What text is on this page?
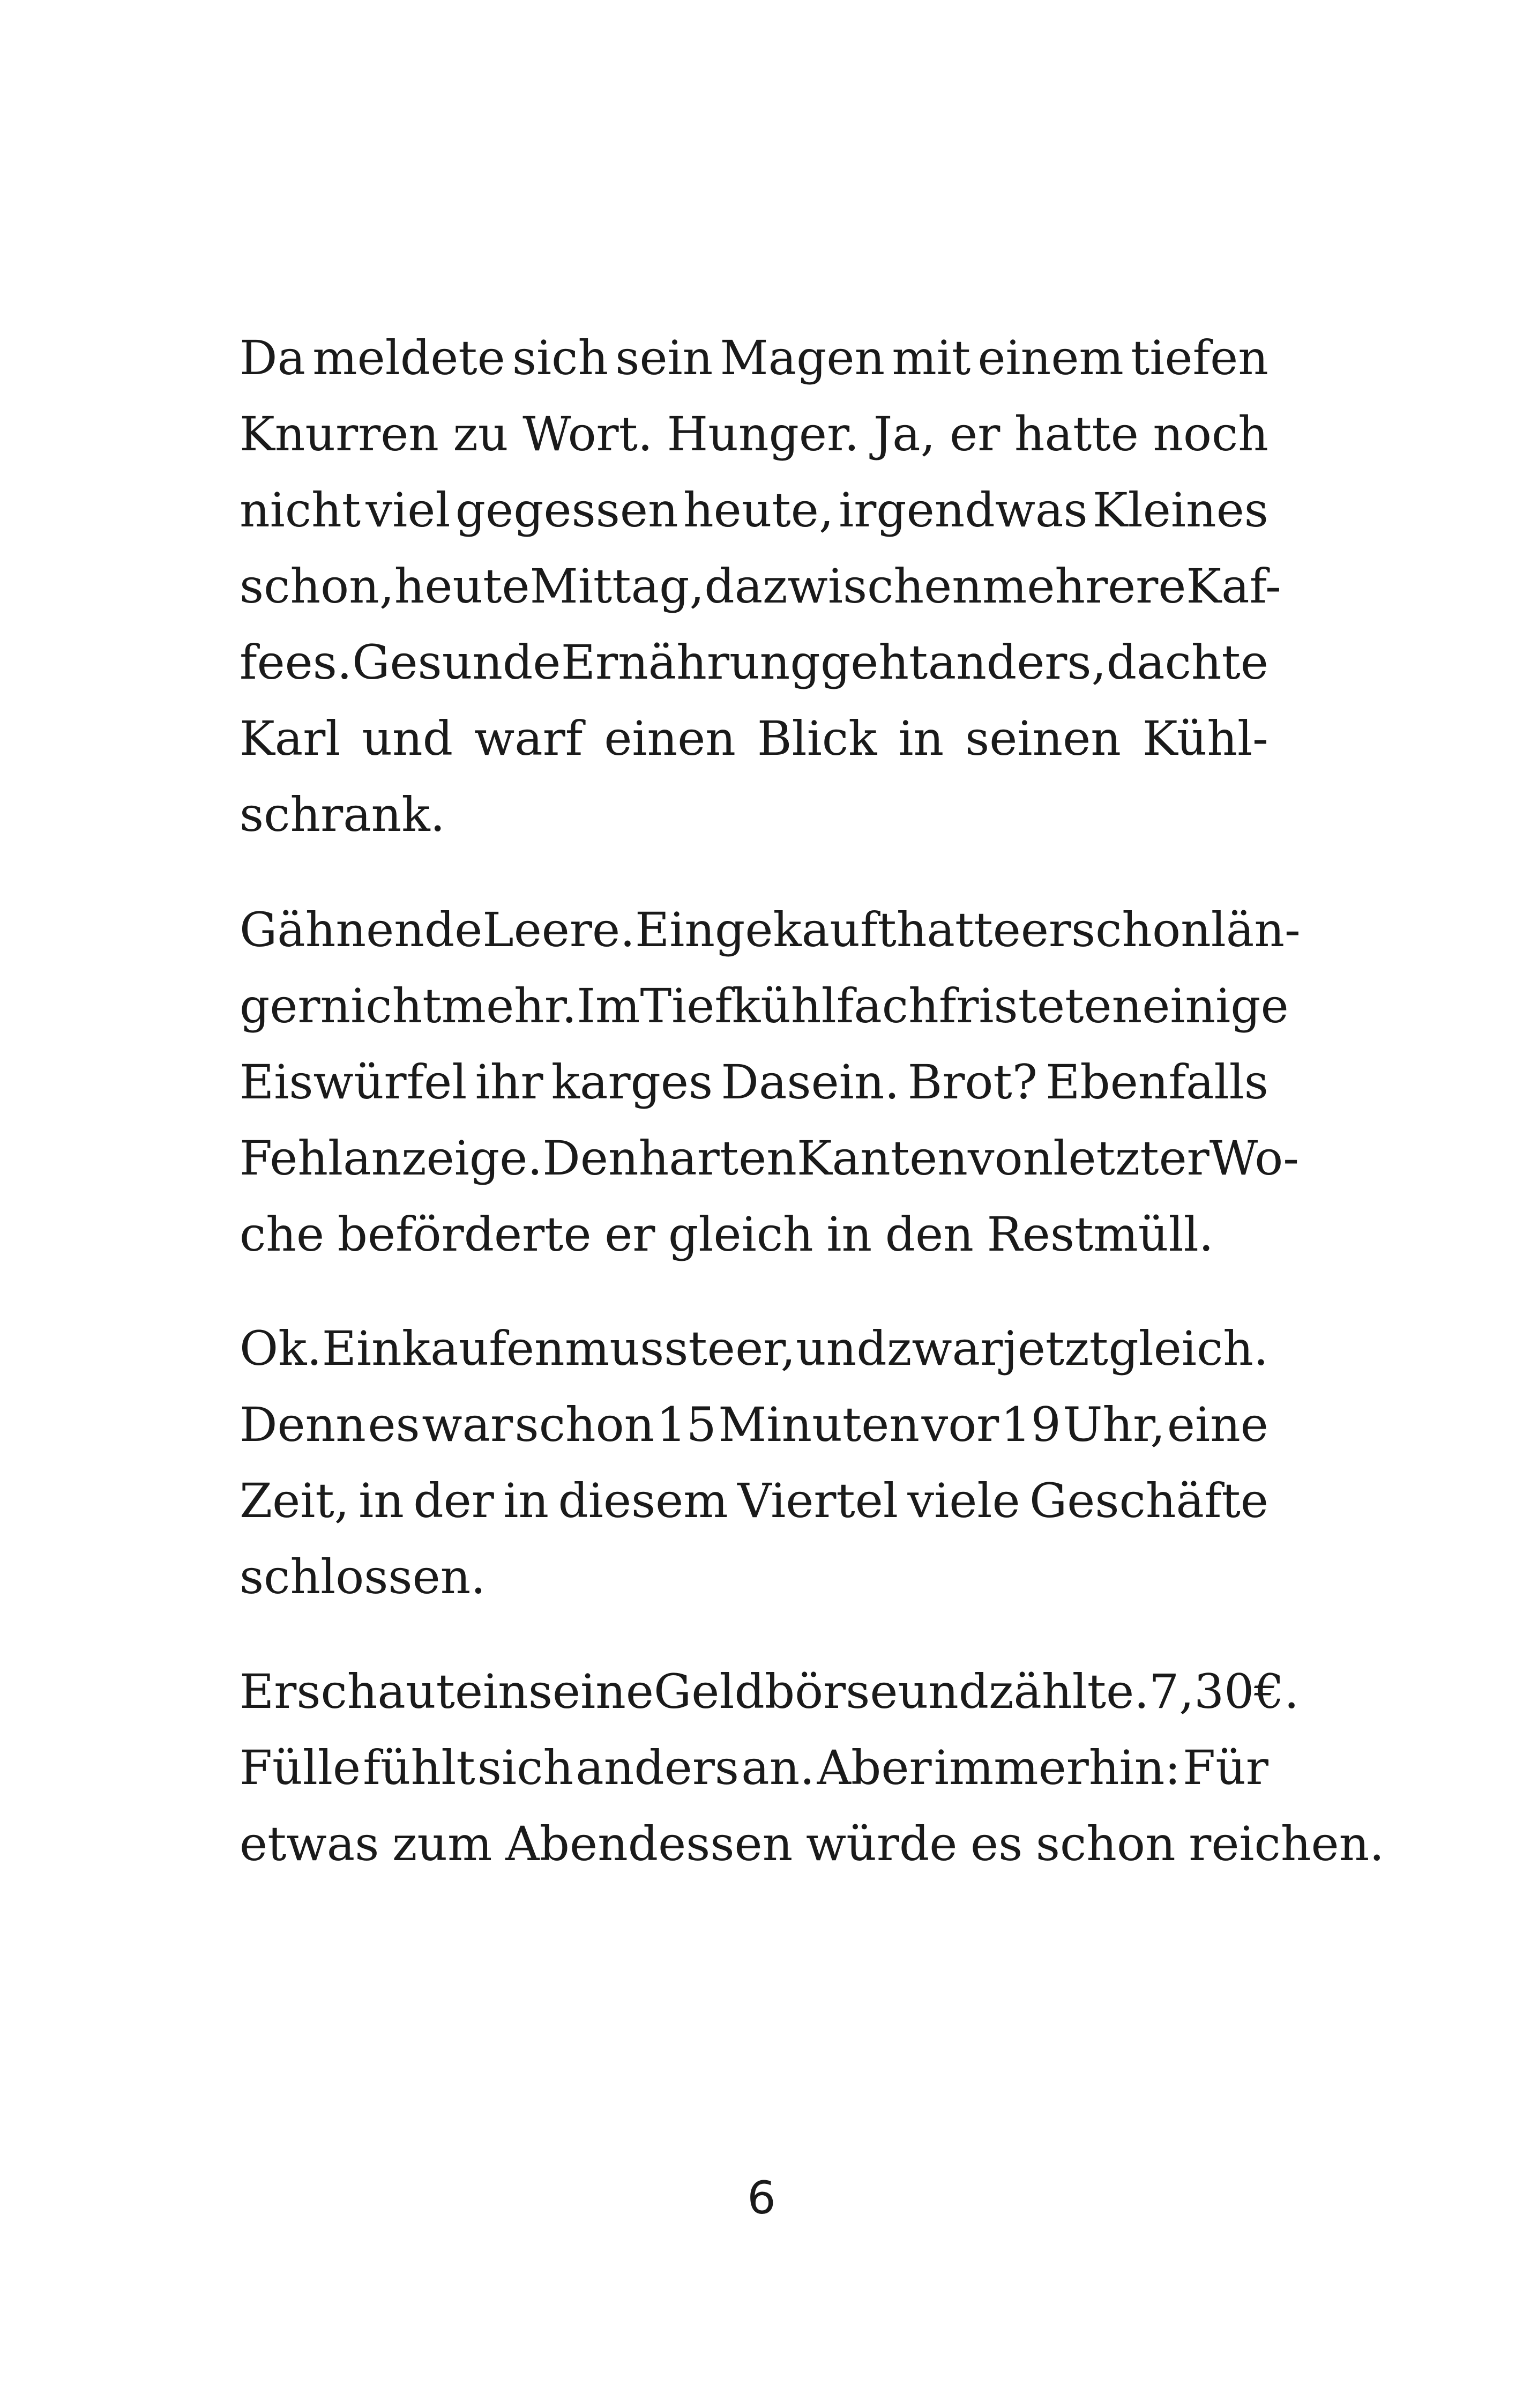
Da meldete sich sein Magen mit einem tiefen
Knurren zu Wort. Hunger. Ja, er hatte noch
nicht viel gegessen heute, irgendwas Kleines
schon, heute Mittag, dazwischen mehrere Kaf-
fees. Gesunde Ernährung geht anders, dachte
Karl und warf einen Blick in seinen Kühl-
schrank.
Gähnende Leere. Eingekauft hatte er schon län-
ger nicht mehr. Im Tiefkühlfach fristeten einige
Eiswürfel ihr karges Dasein. Brot? Ebenfalls
Fehlanzeige. Den harten Kanten von letzter Wo-
che beförderte er gleich in den Restmüll.
Ok. Einkaufen musste er, und zwar jetzt gleich.
Denn es war schon 15 Minuten vor 19 Uhr, eine
Zeit, in der in diesem Viertel viele Geschäfte
schlossen.
Er schaute in seine Geldbörse und zählte. 7,30 €.
Fülle fühlt sich anders an. Aber immerhin: Für
etwas zum Abendessen würde es schon reichen.
6
